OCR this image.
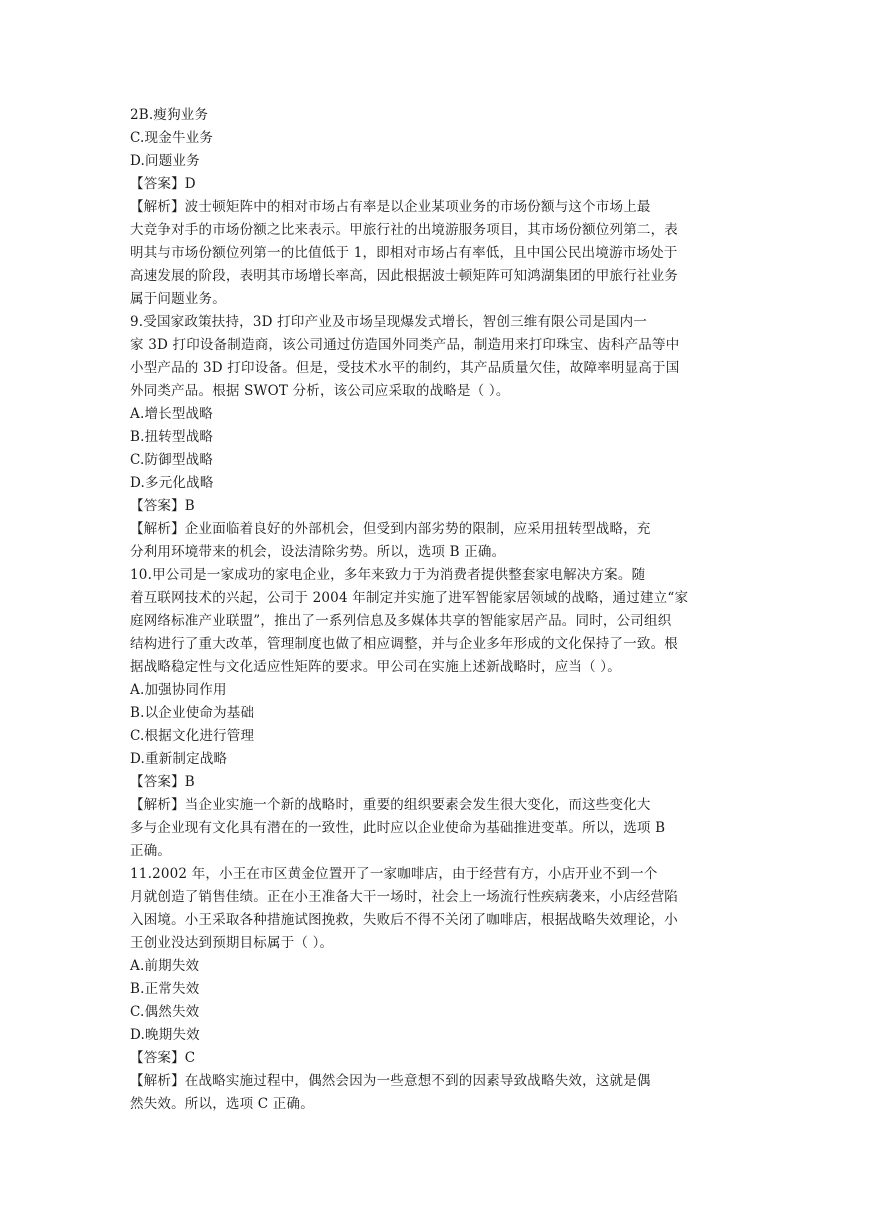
2B.瘦狗业务

C.现金牛业务

D.问题业务

【答案】D

【解析】波士顿矩阵中的相对市场占有率是以企业某项业务的市场份额与这个市场上最

大竞争对手的市场份额之比来表示。甲旅行社的出境游服务项目，其市场份额位列第二，表

明其与市场份额位列第一的比值低于 1，即相对市场占有率低，且中国公民出境游市场处于

高速发展的阶段，表明其市场增长率高，因此根据波士顿矩阵可知鸿湖集团的甲旅行社业务

属于问题业务。

9.受国家政策扶持，3D 打印产业及市场呈现爆发式增长，智创三维有限公司是国内一

家 3D 打印设备制造商，该公司通过仿造国外同类产品，制造用来打印珠宝、齿科产品等中

小型产品的 3D 打印设备。但是，受技术水平的制约，其产品质量欠佳，故障率明显高于国

外同类产品。根据 SWOT 分析，该公司应采取的战略是（ ）。

A.增长型战略

B.扭转型战略

C.防御型战略

D.多元化战略

【答案】B

【解析】企业面临着良好的外部机会，但受到内部劣势的限制，应采用扭转型战略，充

分利用环境带来的机会，设法清除劣势。所以，选项 B 正确。

10.甲公司是一家成功的家电企业，多年来致力于为消费者提供整套家电解决方案。随

着互联网技术的兴起，公司于 2004 年制定并实施了进军智能家居领域的战略，通过建立“家

庭网络标准产业联盟”，推出了一系列信息及多媒体共享的智能家居产品。同时，公司组织

结构进行了重大改革，管理制度也做了相应调整，并与企业多年形成的文化保持了一致。根

据战略稳定性与文化适应性矩阵的要求。甲公司在实施上述新战略时，应当（ ）。

A.加强协同作用

B.以企业使命为基础

C.根据文化进行管理

D.重新制定战略

【答案】B

【解析】当企业实施一个新的战略时，重要的组织要素会发生很大变化，而这些变化大

多与企业现有文化具有潜在的一致性，此时应以企业使命为基础推进变革。所以，选项 B

正确。

11.2002 年，小王在市区黄金位置开了一家咖啡店，由于经营有方，小店开业不到一个

月就创造了销售佳绩。正在小王准备大干一场时，社会上一场流行性疾病袭来，小店经营陷

入困境。小王采取各种措施试图挽救，失败后不得不关闭了咖啡店，根据战略失效理论，小

王创业没达到预期目标属于（ ）。

A.前期失效

B.正常失效

C.偶然失效

D.晚期失效

【答案】C

【解析】在战略实施过程中，偶然会因为一些意想不到的因素导致战略失效，这就是偶

然失效。所以，选项 C 正确。
